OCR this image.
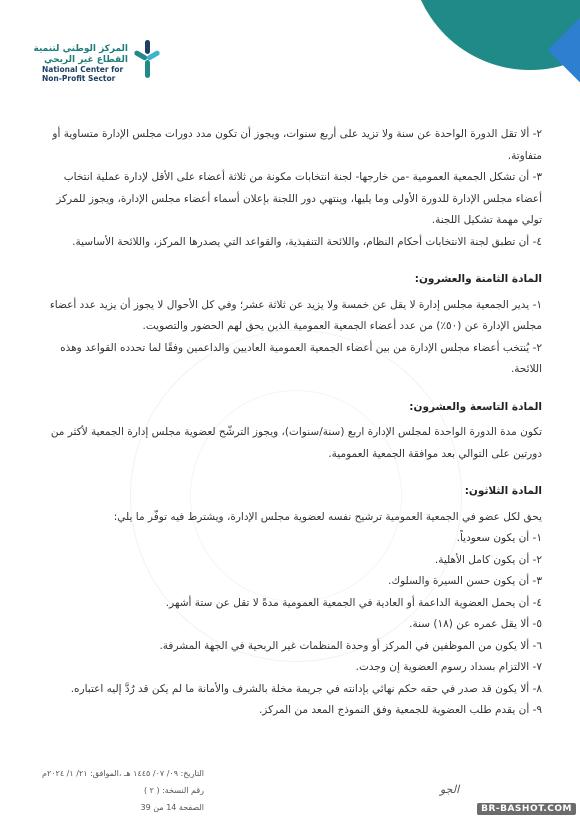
المركز الوطني لتنمية
القطاع غير الربحي
National Center for
Non-Profit Sector

٢- ألا تقل الدورة الواحدة عن سنة ولا تزيد على أربع سنوات، ويجوز أن تكون مدد دورات مجلس الإدارة متساوية أو متفاوتة.

٣- أن تشكل الجمعية العمومية -من خارجها- لجنة انتخابات مكونة من ثلاثة أعضاء على الأقل لإدارة عملية انتخاب أعضاء مجلس الإدارة للدورة الأولى وما يليها، وينتهي دور اللجنة بإعلان أسماء أعضاء مجلس الإدارة، ويجوز للمركز تولي مهمة تشكيل اللجنة.

٤- أن تطبق لجنة الانتخابات أحكام النظام، واللائحة التنفيذية، والقواعد التي يصدرها المركز، واللائحة الأساسية.

المادة الثامنة والعشرون:

١- يدير الجمعية مجلس إدارة لا يقل عن خمسة ولا يزيد عن ثلاثة عشر؛ وفي كل الأحوال لا يجوز أن يزيد عدد أعضاء مجلس الإدارة عن (٥٠٪) من عدد أعضاء الجمعية العمومية الذين يحق لهم الحضور والتصويت.

٢- يُنتخب أعضاء مجلس الإدارة من بين أعضاء الجمعية العمومية العاديين والداعمين وفقًا لما تحدده القواعد وهذه اللائحة.

المادة التاسعة والعشرون:

تكون مدة الدورة الواحدة لمجلس الإدارة اربع (سنة/سنوات)، ويجوز الترشّح لعضوية مجلس إدارة الجمعية لأكثر من دورتين على التوالي بعد موافقة الجمعية العمومية.

المادة الثلاثون:

يحق لكل عضو في الجمعية العمومية ترشيح نفسه لعضوية مجلس الإدارة، ويشترط فيه توفّر ما يلي:

١- أن يكون سعودياً.

٢- أن يكون كامل الأهلية.

٣- أن يكون حسن السيرة والسلوك.

٤- أن يحمل العضوية الداعمة أو العادية في الجمعية العمومية مدةً لا تقل عن ستة أشهر.

٥- ألا يقل عمره عن (١٨) سنة.

٦- ألا يكون من الموظفين في المركز أو وحدة المنظمات غير الربحية في الجهة المشرفة.

٧- الالتزام بسداد رسوم العضوية إن وجدت.

٨- ألا يكون قد صدر في حقه حكم نهائي بإدانته في جريمة مخلة بالشرف والأمانة ما لم يكن قد رُدَّ إليه اعتباره.

٩- أن يقدم طلب العضوية للجمعية وفق النموذج المعد من المركز.

التاريخ: ٠٩/ ٠٧/ ١٤٤٥ هـ ،الموافق: ٢١/ ١/ ٢٠٢٤م

رقم النسخة: ( ٢ )

الصفحة 14 من 39

الجو
BR-BASHOT.COM
